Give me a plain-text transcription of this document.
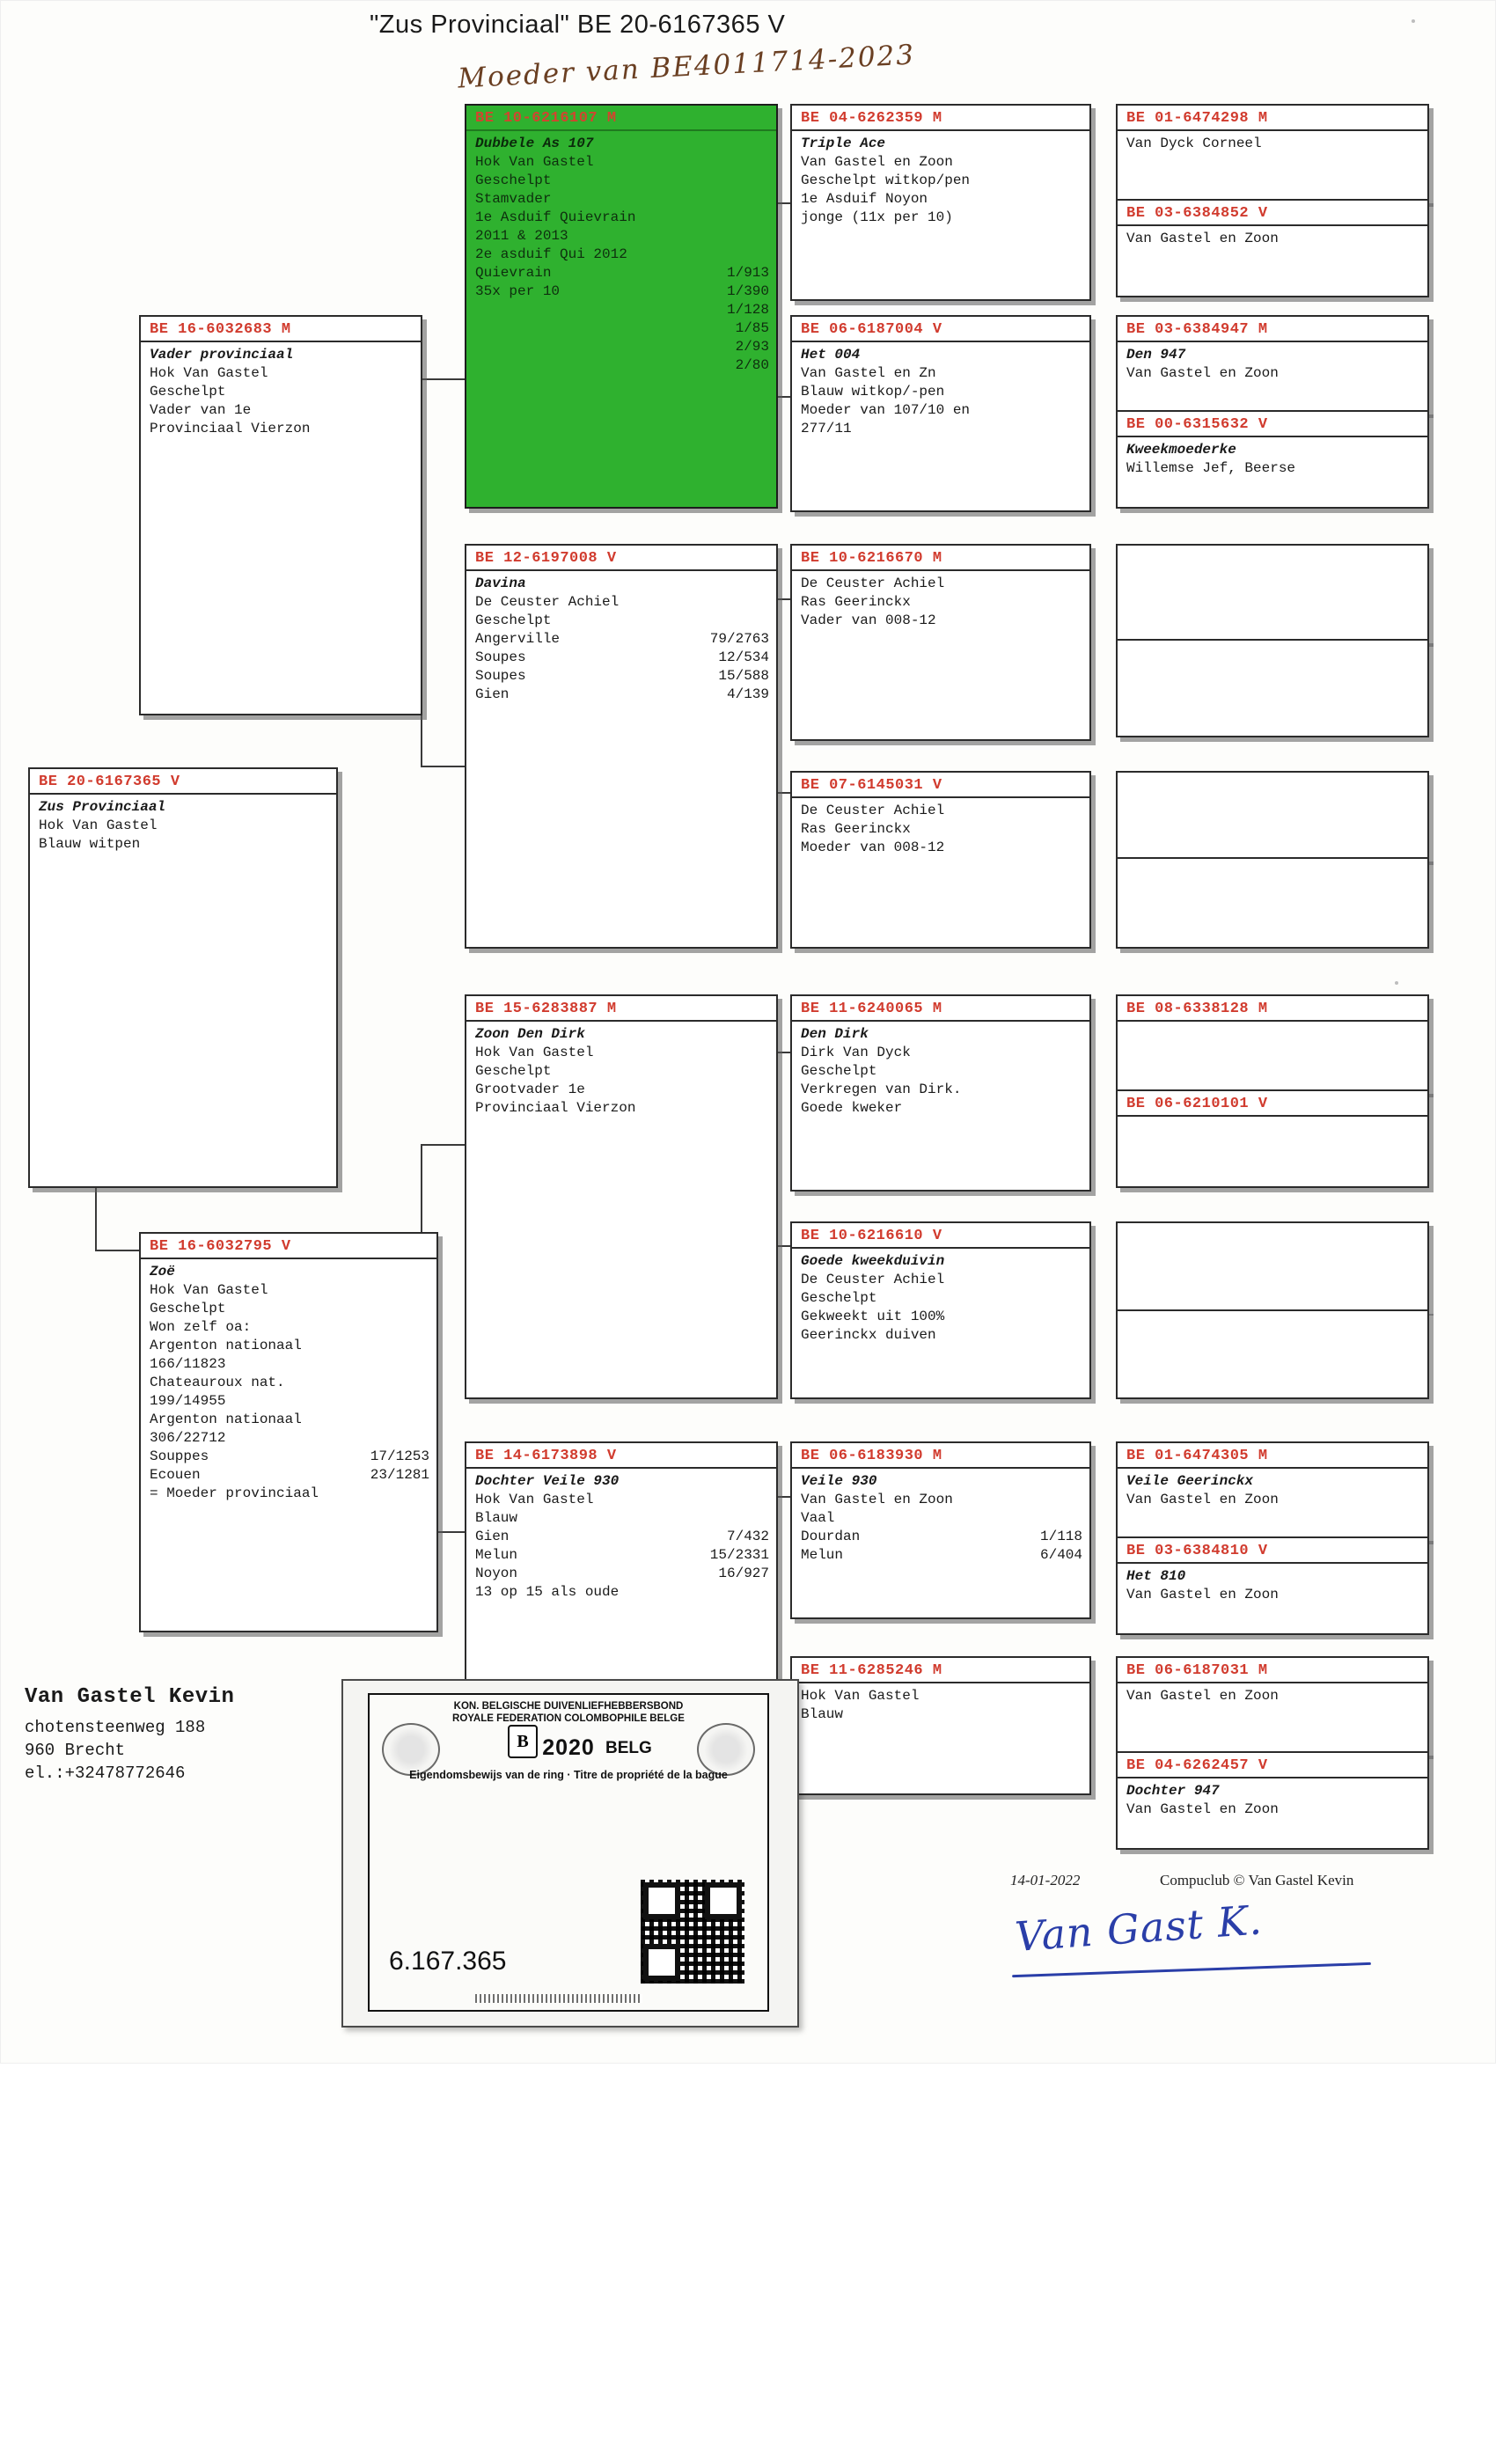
"Zus Provinciaal" BE 20-6167365 V
Moeder van BE4011714-2023
BE 20-6167365 V
Zus Provinciaal
Hok Van Gastel
Blauw witpen
BE 16-6032683 M
Vader provinciaal
Hok Van Gastel
Geschelpt
Vader van 1e
Provinciaal Vierzon
BE 16-6032795 V
Zoë
Hok Van Gastel
Geschelpt
Won zelf oa:
Argenton nationaal
166/11823
Chateauroux nat.
199/14955
Argenton nationaal
306/22712
Souppes	17/1253
Ecouen	23/1281
= Moeder provinciaal
BE 10-6216107 M
Dubbele As 107
Hok Van Gastel
Geschelpt
Stamvader
1e Asduif Quievrain
2011 & 2013
2e asduif Qui 2012
Quievrain	1/913
35x per 10	1/390
1/128
1/85
2/93
2/80
BE 12-6197008 V
Davina
De Ceuster Achiel
Geschelpt
Angerville	79/2763
Soupes	12/534
Soupes	15/588
Gien	4/139
BE 15-6283887 M
Zoon Den Dirk
Hok Van Gastel
Geschelpt
Grootvader 1e
Provinciaal Vierzon
BE 14-6173898 V
Dochter Veile 930
Hok Van Gastel
Blauw
Gien	7/432
Melun	15/2331
Noyon	16/927
13 op 15 als oude
BE 04-6262359 M
Triple Ace
Van Gastel en Zoon
Geschelpt witkop/pen
1e Asduif Noyon
jonge (11x per 10)
BE 06-6187004 V
Het 004
Van Gastel en Zn
Blauw witkop/-pen
Moeder van 107/10 en
277/11
BE 10-6216670 M
De Ceuster Achiel
Ras Geerinckx
Vader van 008-12
BE 07-6145031 V
De Ceuster Achiel
Ras Geerinckx
Moeder van 008-12
BE 11-6240065 M
Den Dirk
Dirk Van Dyck
Geschelpt
Verkregen van Dirk.
Goede kweker
BE 10-6216610 V
Goede kweekduivin
De Ceuster Achiel
Geschelpt
Gekweekt uit 100%
Geerinckx duiven
BE 06-6183930 M
Veile 930
Van Gastel en Zoon
Vaal
Dourdan	1/118
Melun	6/404
BE 11-6285246 M
Hok Van Gastel
Blauw
BE 01-6474298 M
Van Dyck Corneel
BE 03-6384852 V
Van Gastel en Zoon
BE 03-6384947 M
Den 947
Van Gastel en Zoon
BE 00-6315632 V
Kweekmoederke
Willemse Jef, Beerse
BE 08-6338128 M
BE 06-6210101 V
BE 01-6474305 M
Veile Geerinckx
Van Gastel en Zoon
BE 03-6384810 V
Het 810
Van Gastel en Zoon
BE 06-6187031 M
Van Gastel en Zoon
BE 04-6262457 V
Dochter 947
Van Gastel en Zoon
Van Gastel Kevin
chotensteenweg 188
960 Brecht
el.:+32478772646
B
KON. BELGISCHE DUIVENLIEFHEBBERSBOND
ROYALE FEDERATION COLOMBOPHILE BELGE
2020 BELG
Eigendomsbewijs van de ring · Titre de propriété de la bague
6.167.365
14-01-2022	Compuclub © Van Gastel Kevin
Van Gast K.
